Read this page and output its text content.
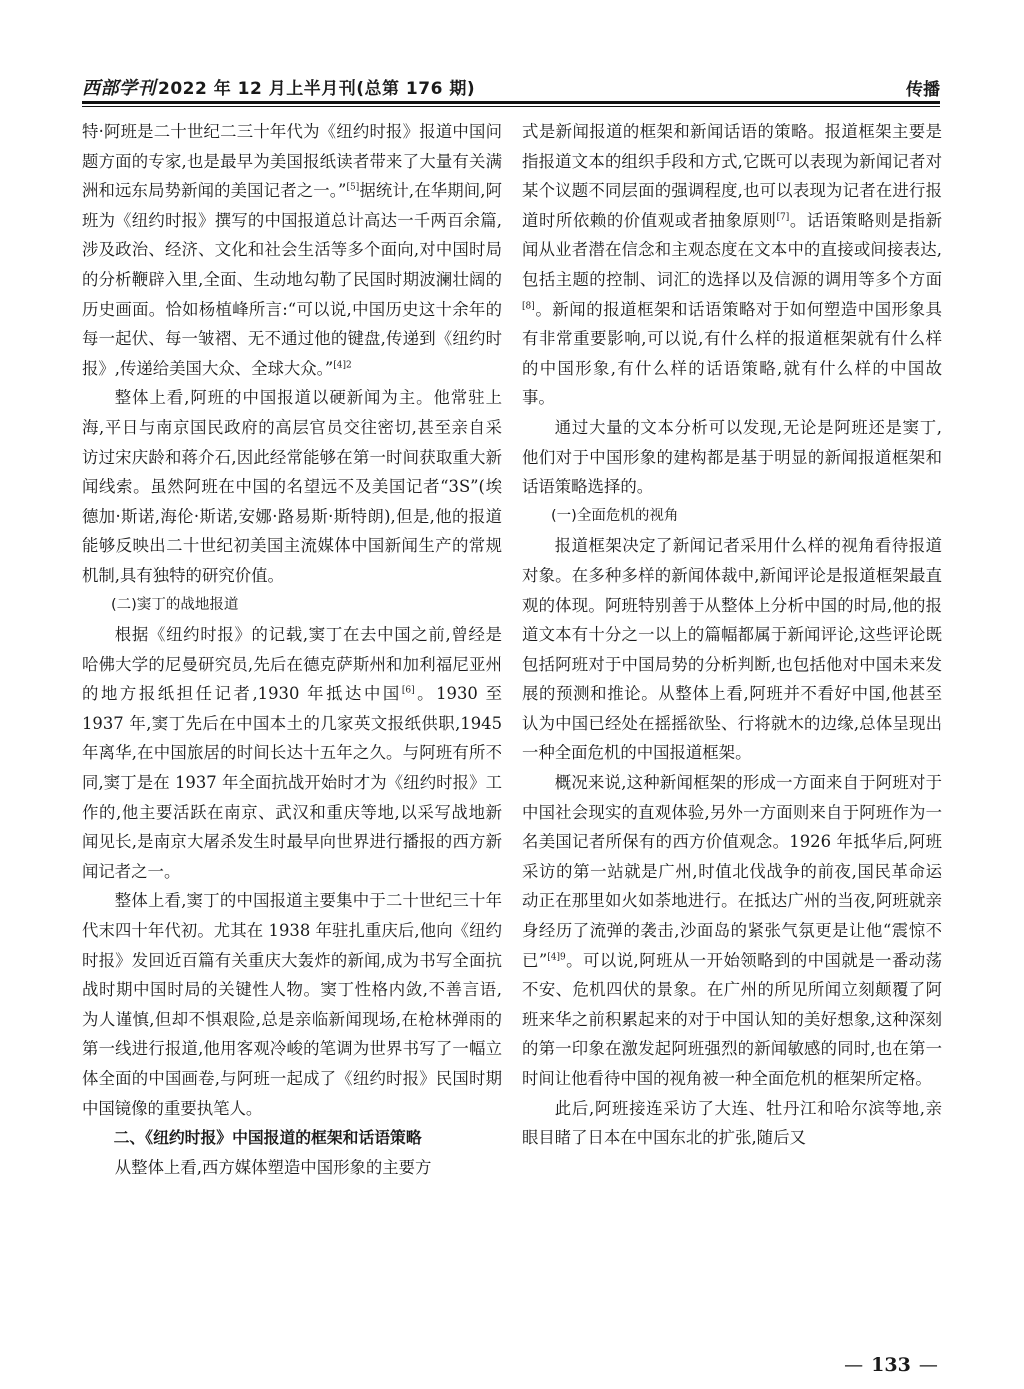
西部学刊 2022 年 12 月上半月刊(总第 176 期)	传播

特·阿班是二十世纪二三十年代为《纽约时报》报道中国问题方面的专家,也是最早为美国报纸读者带来了大量有关满洲和远东局势新闻的美国记者之一。”[5]据统计,在华期间,阿班为《纽约时报》撰写的中国报道总计高达一千两百余篇,涉及政治、经济、文化和社会生活等多个面向,对中国时局的分析鞭辟入里,全面、生动地勾勒了民国时期波澜壮阔的历史画面。恰如杨植峰所言:“可以说,中国历史这十余年的每一起伏、每一皱褶、无不通过他的键盘,传递到《纽约时报》,传递给美国大众、全球大众。”$^{[4]2}$

整体上看,阿班的中国报道以硬新闻为主。他常驻上海,平日与南京国民政府的高层官员交往密切,甚至亲自采访过宋庆龄和蒋介石,因此经常能够在第一时间获取重大新闻线索。虽然阿班在中国的名望远不及美国记者“3S”(埃德加·斯诺,海伦·斯诺,安娜·路易斯·斯特朗),但是,他的报道能够反映出二十世纪初美国主流媒体中国新闻生产的常规机制,具有独特的研究价值。

(二)窦丁的战地报道

根据《纽约时报》的记载,窦丁在去中国之前,曾经是哈佛大学的尼曼研究员,先后在德克萨斯州和加利福尼亚州的地方报纸担任记者,1930 年抵达中国[6]。1930 至 1937 年,窦丁先后在中国本土的几家英文报纸供职,1945 年离华,在中国旅居的时间长达十五年之久。与阿班有所不同,窦丁是在 1937 年全面抗战开始时才为《纽约时报》工作的,他主要活跃在南京、武汉和重庆等地,以采写战地新闻见长,是南京大屠杀发生时最早向世界进行播报的西方新闻记者之一。

整体上看,窦丁的中国报道主要集中于二十世纪三十年代末四十年代初。尤其在 1938 年驻扎重庆后,他向《纽约时报》发回近百篇有关重庆大轰炸的新闻,成为书写全面抗战时期中国时局的关键性人物。窦丁性格内敛,不善言语,为人谨慎,但却不惧艰险,总是亲临新闻现场,在枪林弹雨的第一线进行报道,他用客观冷峻的笔调为世界书写了一幅立体全面的中国画卷,与阿班一起成了《纽约时报》民国时期中国镜像的重要执笔人。

二、《纽约时报》中国报道的框架和话语策略

从整体上看,西方媒体塑造中国形象的主要方

式是新闻报道的框架和新闻话语的策略。报道框架主要是指报道文本的组织手段和方式,它既可以表现为新闻记者对某个议题不同层面的强调程度,也可以表现为记者在进行报道时所依赖的价值观或者抽象原则[7]。话语策略则是指新闻从业者潜在信念和主观态度在文本中的直接或间接表达,包括主题的控制、词汇的选择以及信源的调用等多个方面[8]。新闻的报道框架和话语策略对于如何塑造中国形象具有非常重要影响,可以说,有什么样的报道框架就有什么样的中国形象,有什么样的话语策略,就有什么样的中国故事。

通过大量的文本分析可以发现,无论是阿班还是窦丁,他们对于中国形象的建构都是基于明显的新闻报道框架和话语策略选择的。

(一)全面危机的视角

报道框架决定了新闻记者采用什么样的视角看待报道对象。在多种多样的新闻体裁中,新闻评论是报道框架最直观的体现。阿班特别善于从整体上分析中国的时局,他的报道文本有十分之一以上的篇幅都属于新闻评论,这些评论既包括阿班对于中国局势的分析判断,也包括他对中国未来发展的预测和推论。从整体上看,阿班并不看好中国,他甚至认为中国已经处在摇摇欲坠、行将就木的边缘,总体呈现出一种全面危机的中国报道框架。

概况来说,这种新闻框架的形成一方面来自于阿班对于中国社会现实的直观体验,另外一方面则来自于阿班作为一名美国记者所保有的西方价值观念。1926 年抵华后,阿班采访的第一站就是广州,时值北伐战争的前夜,国民革命运动正在那里如火如荼地进行。在抵达广州的当夜,阿班就亲身经历了流弹的袭击,沙面岛的紧张气氛更是让他“震惊不已”$^{[4]9}$。可以说,阿班从一开始领略到的中国就是一番动荡不安、危机四伏的景象。在广州的所见所闻立刻颠覆了阿班来华之前积累起来的对于中国认知的美好想象,这种深刻的第一印象在激发起阿班强烈的新闻敏感的同时,也在第一时间让他看待中国的视角被一种全面危机的框架所定格。

此后,阿班接连采访了大连、牡丹江和哈尔滨等地,亲眼目睹了日本在中国东北的扩张,随后又

— 133 —
